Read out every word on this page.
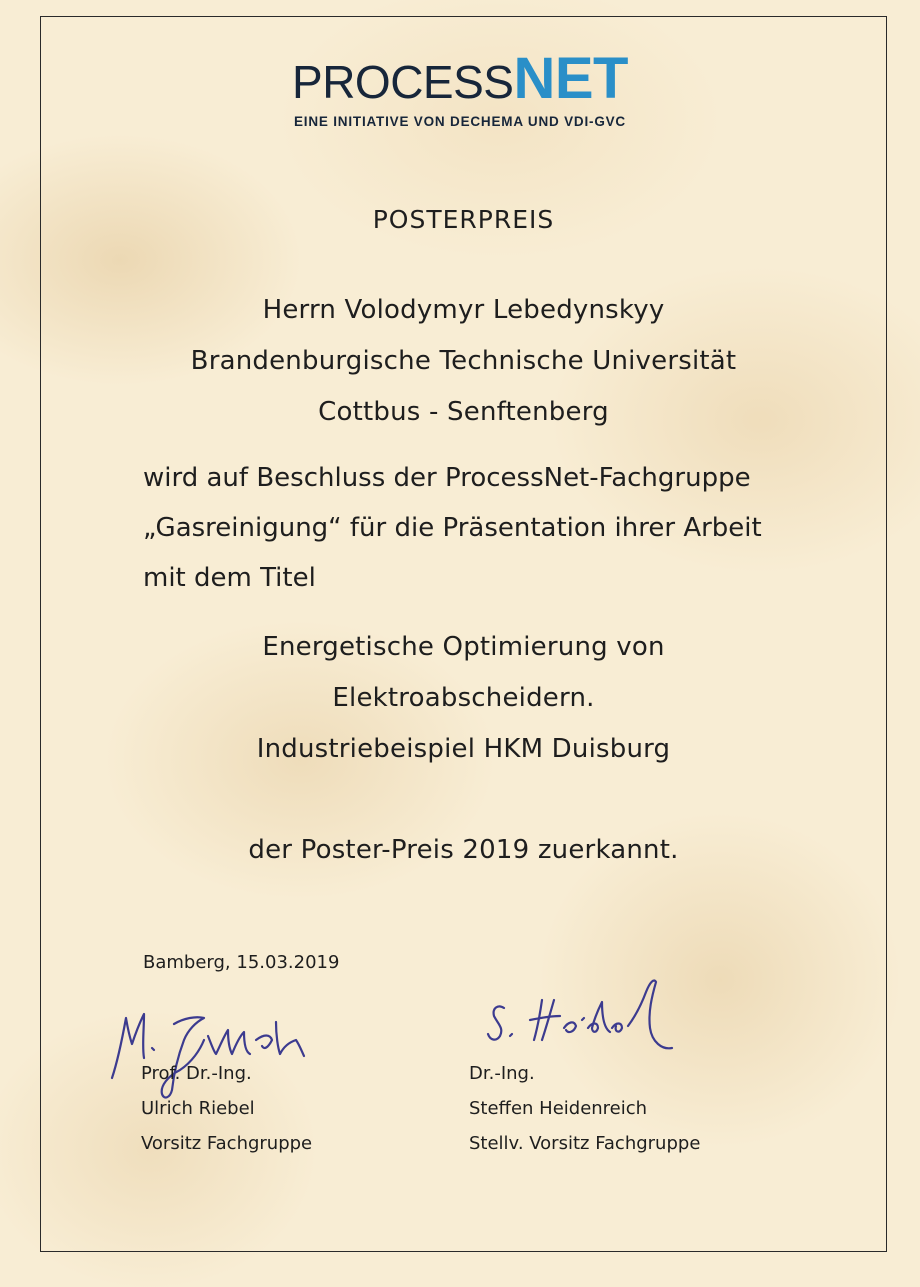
PROCESSNET
EINE INITIATIVE VON DECHEMA UND VDI-GVC
POSTERPREIS
Herrn Volodymyr Lebedynskyy
Brandenburgische Technische Universität
Cottbus - Senftenberg
wird auf Beschluss der ProcessNet-Fachgruppe
„Gasreinigung“ für die Präsentation ihrer Arbeit
mit dem Titel
Energetische Optimierung von
Elektroabscheidern.
Industriebeispiel HKM Duisburg
der Poster-Preis 2019 zuerkannt.
Bamberg, 15.03.2019
Prof. Dr.-Ing.
Ulrich Riebel
Vorsitz Fachgruppe
Dr.-Ing.
Steffen Heidenreich
Stellv. Vorsitz Fachgruppe
